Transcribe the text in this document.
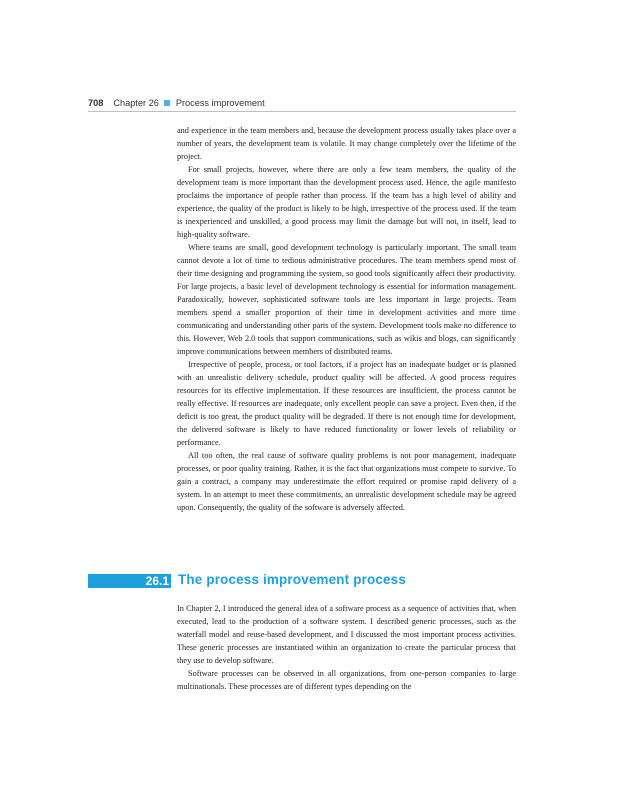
708 Chapter 26 Process improvement

and experience in the team members and, because the development process usually takes place over a number of years, the development team is volatile. It may change completely over the lifetime of the project.

For small projects, however, where there are only a few team members, the quality of the development team is more important than the development process used. Hence, the agile manifesto proclaims the importance of people rather than process. If the team has a high level of ability and experience, the quality of the product is likely to be high, irrespective of the process used. If the team is inexperienced and unskilled, a good process may limit the damage but will not, in itself, lead to high-quality software.

Where teams are small, good development technology is particularly important. The small team cannot devote a lot of time to tedious administrative procedures. The team members spend most of their time designing and programming the system, so good tools significantly affect their productivity. For large projects, a basic level of development technology is essential for information management. Paradoxically, however, sophisticated software tools are less important in large projects. Team members spend a smaller proportion of their time in development activities and more time communicating and understanding other parts of the system. Development tools make no difference to this. However, Web 2.0 tools that support communications, such as wikis and blogs, can significantly improve communications between members of distributed teams.

Irrespective of people, process, or tool factors, if a project has an inadequate budget or is planned with an unrealistic delivery schedule, product quality will be affected. A good process requires resources for its effective implementation. If these resources are insufficient, the process cannot be really effective. If resources are inadequate, only excellent people can save a project. Even then, if the deficit is too great, the product quality will be degraded. If there is not enough time for development, the delivered software is likely to have reduced functionality or lower levels of reliability or performance.

All too often, the real cause of software quality problems is not poor management, inadequate processes, or poor quality training. Rather, it is the fact that organizations must compete to survive. To gain a contract, a company may underestimate the effort required or promise rapid delivery of a system. In an attempt to meet these commitments, an unrealistic development schedule may be agreed upon. Consequently, the quality of the software is adversely affected.

26.1 The process improvement process

In Chapter 2, I introduced the general idea of a software process as a sequence of activities that, when executed, lead to the production of a software system. I described generic processes, such as the waterfall model and reuse-based development, and I discussed the most important process activities. These generic processes are instantiated within an organization to create the particular process that they use to develop software.

Software processes can be observed in all organizations, from one-person companies to large multinationals. These processes are of different types depending on the
